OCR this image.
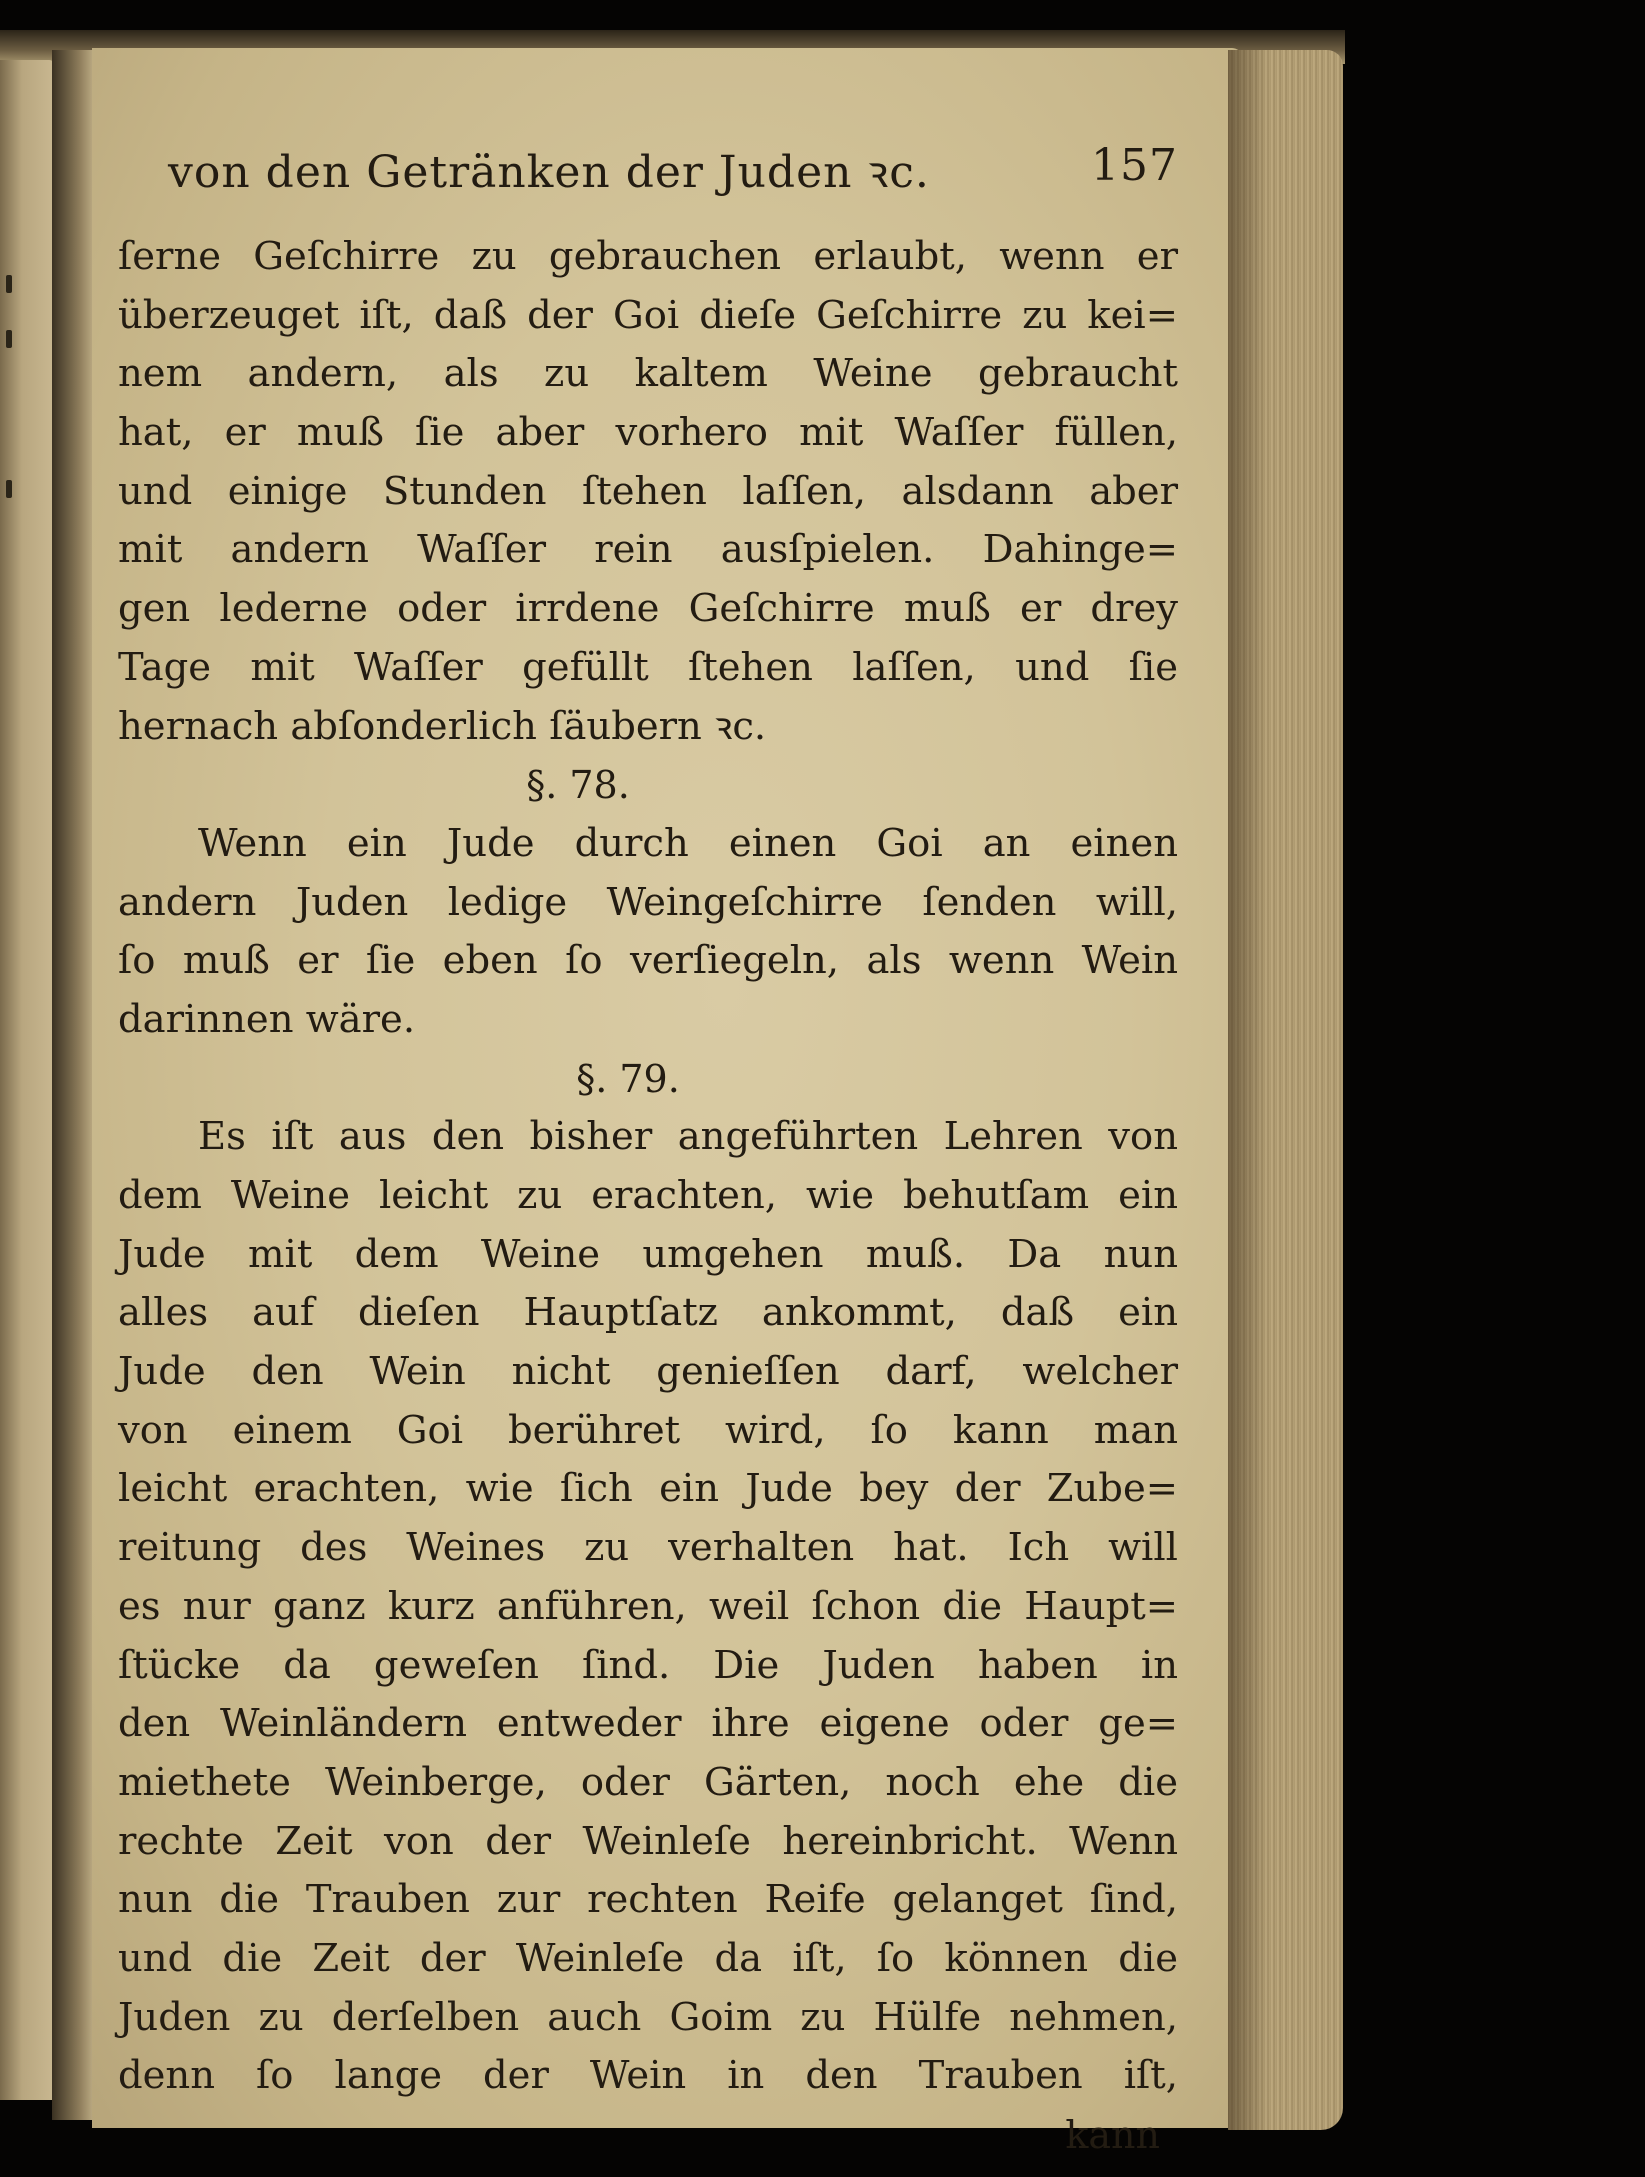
von den Getränken der Juden ꝛc.	157
ſerne Geſchirre zu gebrauchen erlaubt, wenn er
überzeuget iſt, daß der Goi dieſe Geſchirre zu kei=
nem andern, als zu kaltem Weine gebraucht
hat, er muß ſie aber vorhero mit Waſſer füllen,
und einige Stunden ſtehen laſſen, alsdann aber
mit andern Waſſer rein ausſpielen. Dahinge=
gen lederne oder irrdene Geſchirre muß er drey
Tage mit Waſſer gefüllt ſtehen laſſen, und ſie
hernach abſonderlich ſäubern ꝛc.
§. 78.
Wenn ein Jude durch einen Goi an einen
andern Juden ledige Weingeſchirre ſenden will,
ſo muß er ſie eben ſo verſiegeln, als wenn Wein
darinnen wäre.
§. 79.
Es iſt aus den bisher angeführten Lehren von
dem Weine leicht zu erachten, wie behutſam ein
Jude mit dem Weine umgehen muß. Da nun
alles auf dieſen Hauptſatz ankommt, daß ein
Jude den Wein nicht genieſſen darf, welcher
von einem Goi berühret wird, ſo kann man
leicht erachten, wie ſich ein Jude bey der Zube=
reitung des Weines zu verhalten hat. Ich will
es nur ganz kurz anführen, weil ſchon die Haupt=
ſtücke da geweſen ſind. Die Juden haben in
den Weinländern entweder ihre eigene oder ge=
miethete Weinberge, oder Gärten, noch ehe die
rechte Zeit von der Weinleſe hereinbricht. Wenn
nun die Trauben zur rechten Reife gelanget ſind,
und die Zeit der Weinleſe da iſt, ſo können die
Juden zu derſelben auch Goim zu Hülfe nehmen,
denn ſo lange der Wein in den Trauben iſt,
kann
